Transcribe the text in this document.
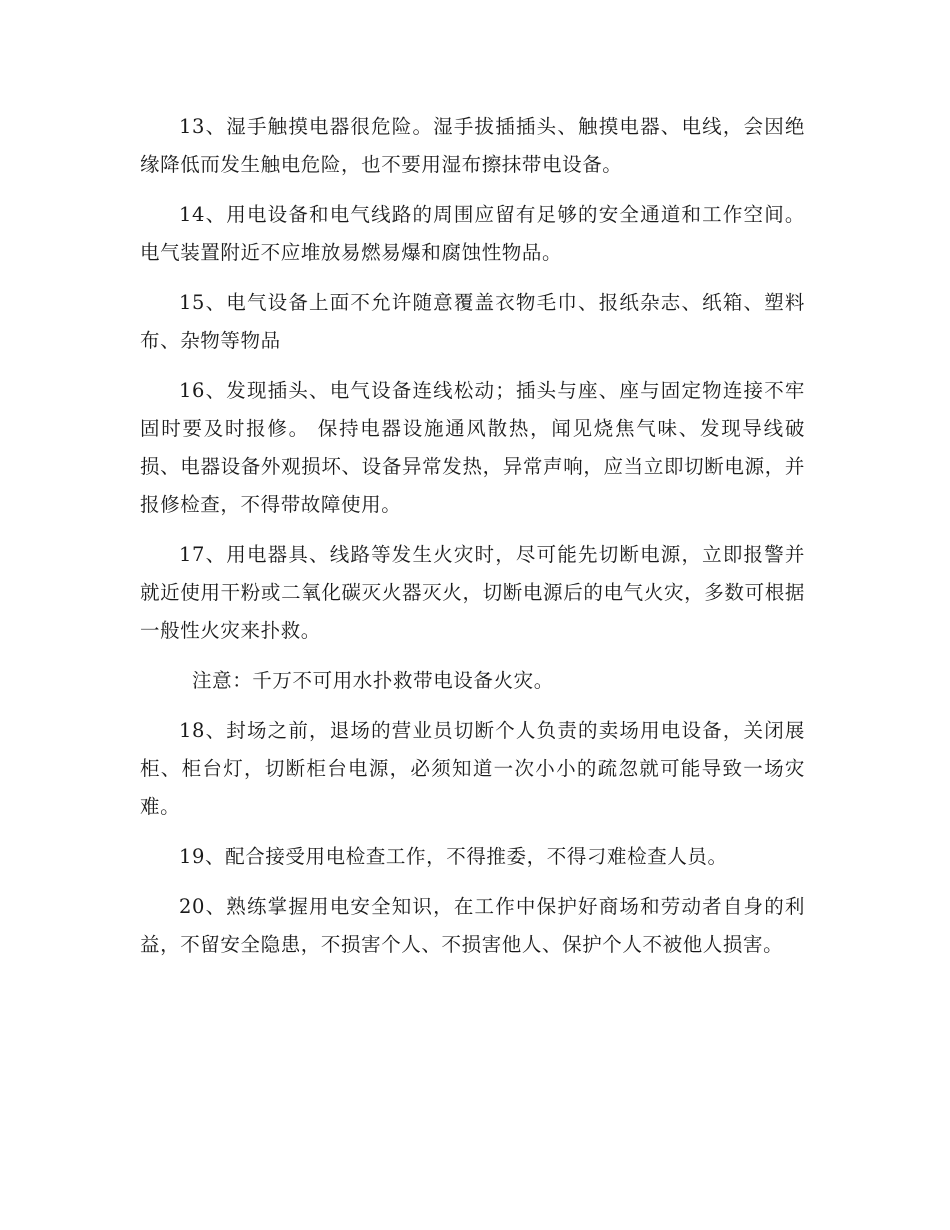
13、湿手触摸电器很危险。湿手拔插插头、触摸电器、电线，会因绝缘降低而发生触电危险，也不要用湿布擦抹带电设备。

14、用电设备和电气线路的周围应留有足够的安全通道和工作空间。电气装置附近不应堆放易燃易爆和腐蚀性物品。

15、电气设备上面不允许随意覆盖衣物毛巾、报纸杂志、纸箱、塑料布、杂物等物品

16、发现插头、电气设备连线松动；插头与座、座与固定物连接不牢固时要及时报修。 保持电器设施通风散热，闻见烧焦气味、发现导线破损、电器设备外观损坏、设备异常发热，异常声响，应当立即切断电源，并报修检查，不得带故障使用。

17、用电器具、线路等发生火灾时，尽可能先切断电源，立即报警并就近使用干粉或二氧化碳灭火器灭火，切断电源后的电气火灾，多数可根据一般性火灾来扑救。

注意：千万不可用水扑救带电设备火灾。

18、封场之前，退场的营业员切断个人负责的卖场用电设备，关闭展柜、柜台灯，切断柜台电源，必须知道一次小小的疏忽就可能导致一场灾难。

19、配合接受用电检查工作，不得推委，不得刁难检查人员。

20、熟练掌握用电安全知识，在工作中保护好商场和劳动者自身的利益，不留安全隐患，不损害个人、不损害他人、保护个人不被他人损害。
